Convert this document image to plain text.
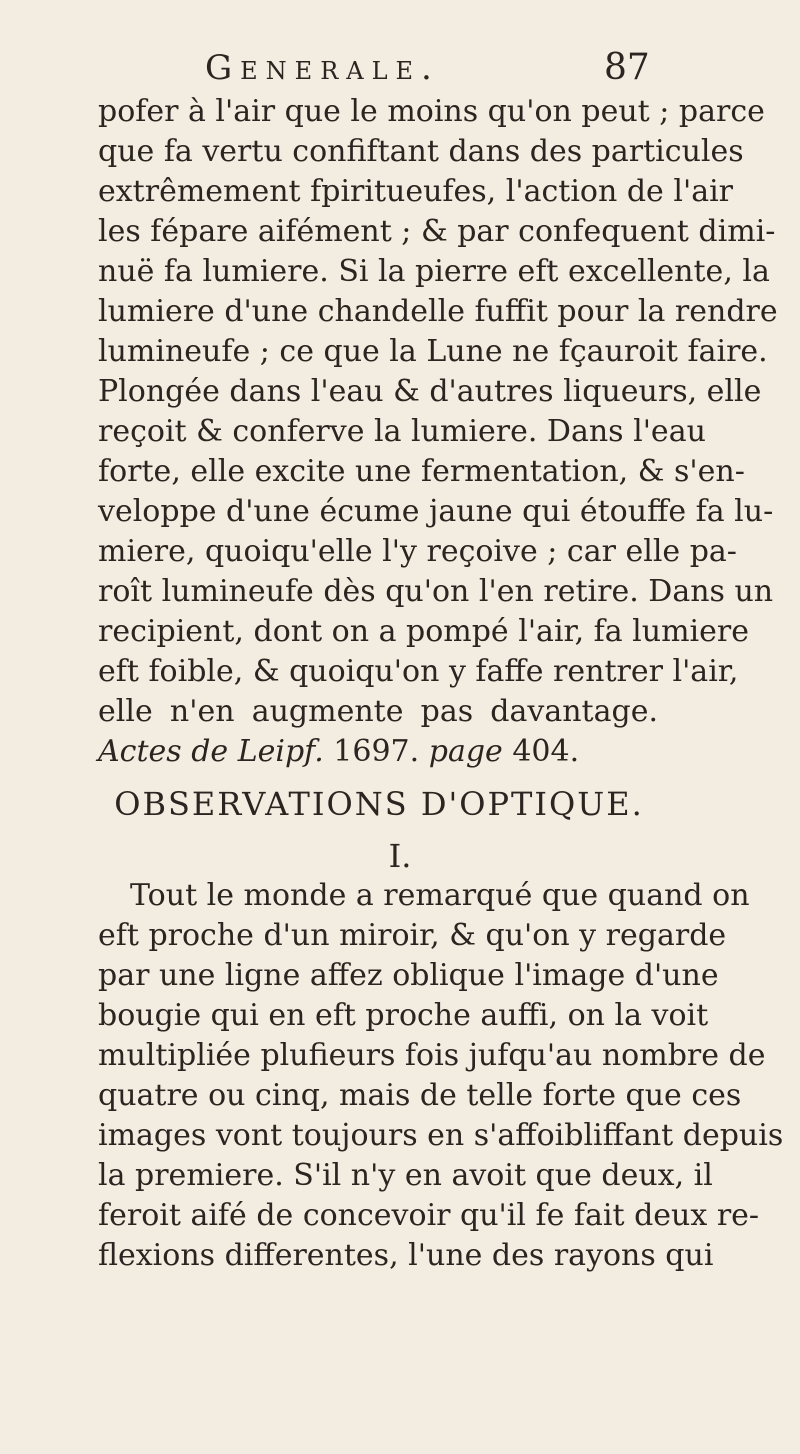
Generale.	87
pofer à l'air que le moins qu'on peut ; parce
que fa vertu confiftant dans des particules
extrêmement fpiritueufes, l'action de l'air
les fépare aifément ; & par confequent dimi-
nuë fa lumiere. Si la pierre eft excellente, la
lumiere d'une chandelle fuffit pour la rendre
lumineufe ; ce que la Lune ne fçauroit faire.
Plongée dans l'eau & d'autres liqueurs, elle
reçoit & conferve la lumiere. Dans l'eau
forte, elle excite une fermentation, & s'en-
veloppe d'une écume jaune qui étouffe fa lu-
miere, quoiqu'elle l'y reçoive ; car elle pa-
roît lumineufe dès qu'on l'en retire. Dans un
recipient, dont on a pompé l'air, fa lumiere
eft foible, & quoiqu'on y faffe rentrer l'air,
elle n'en augmente pas davantage.
Actes de Leipf. 1697. page 404.
OBSERVATIONS D'OPTIQUE.
I.
Tout le monde a remarqué que quand on
eft proche d'un miroir, & qu'on y regarde
par une ligne affez oblique l'image d'une
bougie qui en eft proche auffi, on la voit
multipliée plufieurs fois jufqu'au nombre de
quatre ou cinq, mais de telle forte que ces
images vont toujours en s'affoibliffant depuis
la premiere. S'il n'y en avoit que deux, il
feroit aifé de concevoir qu'il fe fait deux re-
flexions differentes, l'une des rayons qui
